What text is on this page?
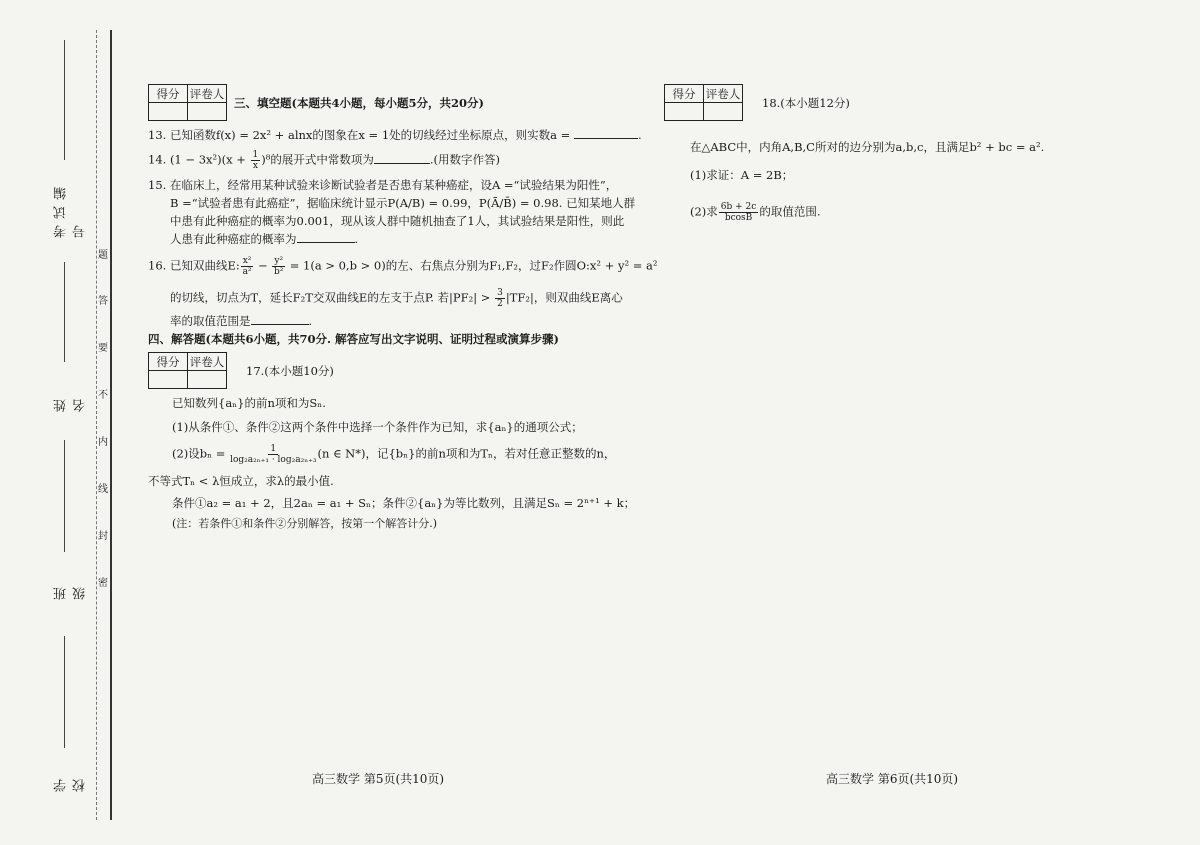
考试编号
姓 名
班 级
学 校
题
答
要
不
内
线
封
密
得分	评卷人

三、填空题(本题共4小题，每小题5分，共20分)
13. 已知函数f(x) = 2x² + alnx的图象在x = 1处的切线经过坐标原点，则实数a =	.
14. $(1 - 3x^2)(x + \frac{1}{x} )^8$的展开式中常数项为	.(用数字作答)
15. 在临床上，经常用某种试验来诊断试验者是否患有某种癌症，设A =“试验结果为阳性”，
B =“试验者患有此癌症”，据临床统计显示P(A/B) = 0.99，P(Ā/B̄) = 0.98. 已知某地人群
中患有此种癌症的概率为0.001，现从该人群中随机抽查了1人，其试验结果是阳性，则此
人患有此种癌症的概率为	.
16. 已知双曲线E: $\frac{\text{x²}}{\text{a²}} - \frac{\text{y²}}{\text{b²}} = 1(a > 0,b > 0)$的左、右焦点分别为F₁,F₂，过F₂作圆O:x² + y² = a²
的切线，切点为T，延长F₂T交双曲线E的左支于点P. 若$|PF_2| > \frac{3}{2} |TF_2|$，则双曲线E离心
率的取值范围是	.
四、解答题(本题共6小题，共70分. 解答应写出文字说明、证明过程或演算步骤)
得分	评卷人

17.(本小题10分)
已知数列{aₙ}的前n项和为Sₙ.
(1)从条件①、条件②这两个条件中选择一个条件作为已知，求{aₙ}的通项公式；
(2)设$b_n = \frac{1}{\text{log₂a₂ₙ₊₁ · log₂a₂ₙ₊₃}} (n$ ∈ N*)，记{bₙ}的前n项和为Tₙ，若对任意正整数的n，
不等式Tₙ < λ恒成立，求λ的最小值.
条件①a₂ = a₁ + 2，且2aₙ = a₁ + Sₙ；条件②{aₙ}为等比数列，且满足Sₙ = 2ⁿ⁺¹ + k；
(注：若条件①和条件②分别解答，按第一个解答计分.)
高三数学 第5页(共10页)
得分	评卷人

18.(本小题12分)
在△ABC中，内角A,B,C所对的边分别为a,b,c，且满足b² + bc = a².
(1)求证：A = 2B；
(2)求 $\frac{6b + 2c}{bcosB}$ 的取值范围.
高三数学 第6页(共10页)
